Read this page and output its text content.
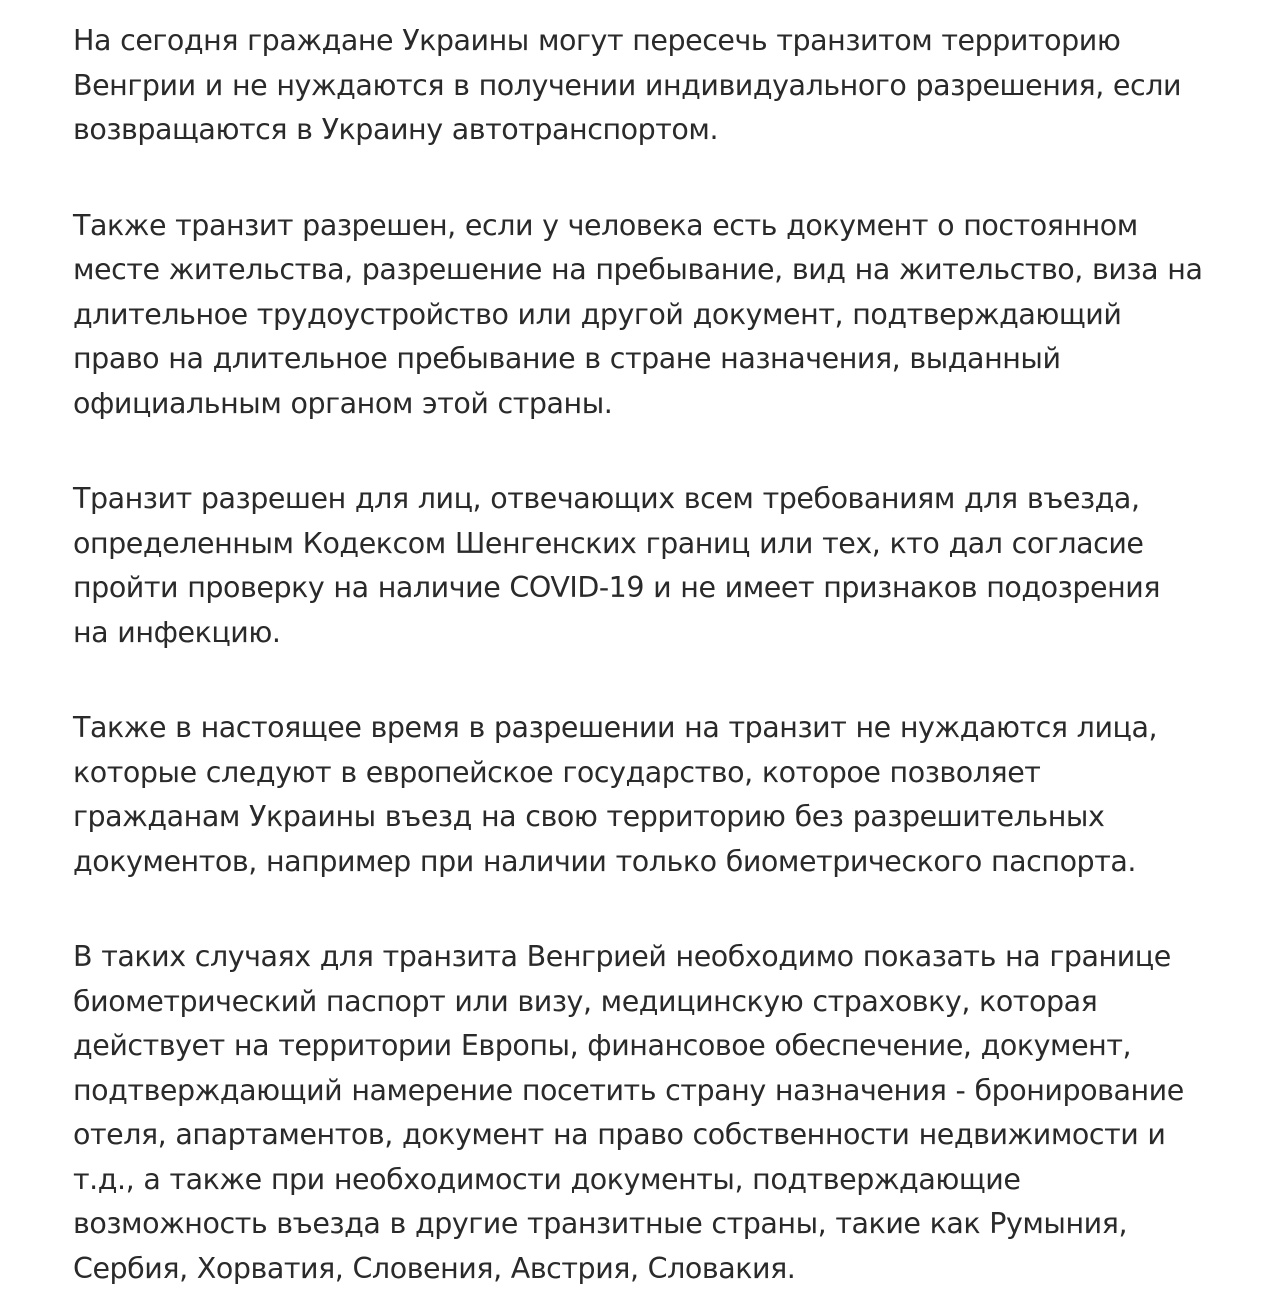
На сегодня граждане Украины могут пересечь транзитом территорию Венгрии и не нуждаются в получении индивидуального разрешения, если возвращаются в Украину автотранспортом.

Также транзит разрешен, если у человека есть документ о постоянном месте жительства, разрешение на пребывание, вид на жительство, виза на длительное трудоустройство или другой документ, подтверждающий право на длительное пребывание в стране назначения, выданный официальным органом этой страны.

Транзит разрешен для лиц, отвечающих всем требованиям для въезда, определенным Кодексом Шенгенских границ или тех, кто дал согласие пройти проверку на наличие COVID-19 и не имеет признаков подозрения на инфекцию.

Также в настоящее время в разрешении на транзит не нуждаются лица, которые следуют в европейское государство, которое позволяет гражданам Украины въезд на свою территорию без разрешительных документов, например при наличии только биометрического паспорта.

В таких случаях для транзита Венгрией необходимо показать на границе биометрический паспорт или визу, медицинскую страховку, которая действует на территории Европы, финансовое обеспечение, документ, подтверждающий намерение посетить страну назначения - бронирование отеля, апартаментов, документ на право собственности недвижимости и т.д., а также при необходимости документы, подтверждающие возможность въезда в другие транзитные страны, такие как Румыния, Сербия, Хорватия, Словения, Австрия, Словакия.
